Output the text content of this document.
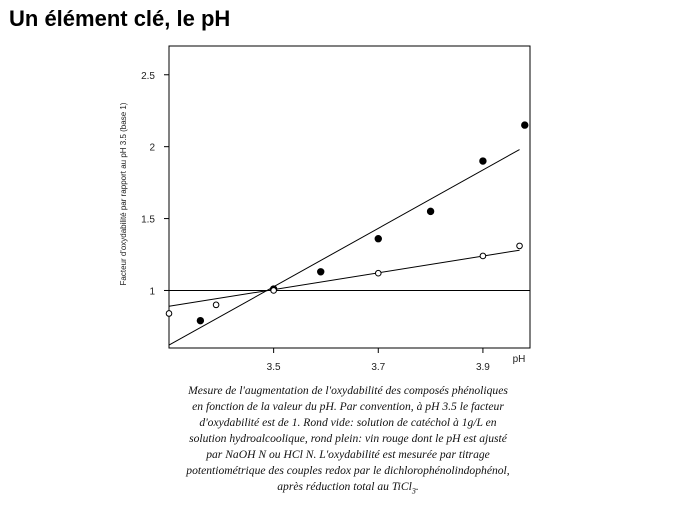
Un élément clé, le pH
1
1.5
2
2.5
3.5	3.7	3.9
Facteur d'oxydabilité par rapport au pH 3.5 (base 1)
pH

Mesure de l'augmentation de l'oxydabilité des composés phénoliques
en fonction de la valeur du pH. Par convention, à pH 3.5 le facteur
d'oxydabilité est de 1. Rond vide: solution de catéchol à 1g/L en
solution hydroalcoolique, rond plein: vin rouge dont le pH est ajusté
par NaOH N ou HCl N. L'oxydabilité est mesurée par titrage
potentiométrique des couples redox par le dichlorophénolindophénol,
après réduction total au TiCl$_3$.
